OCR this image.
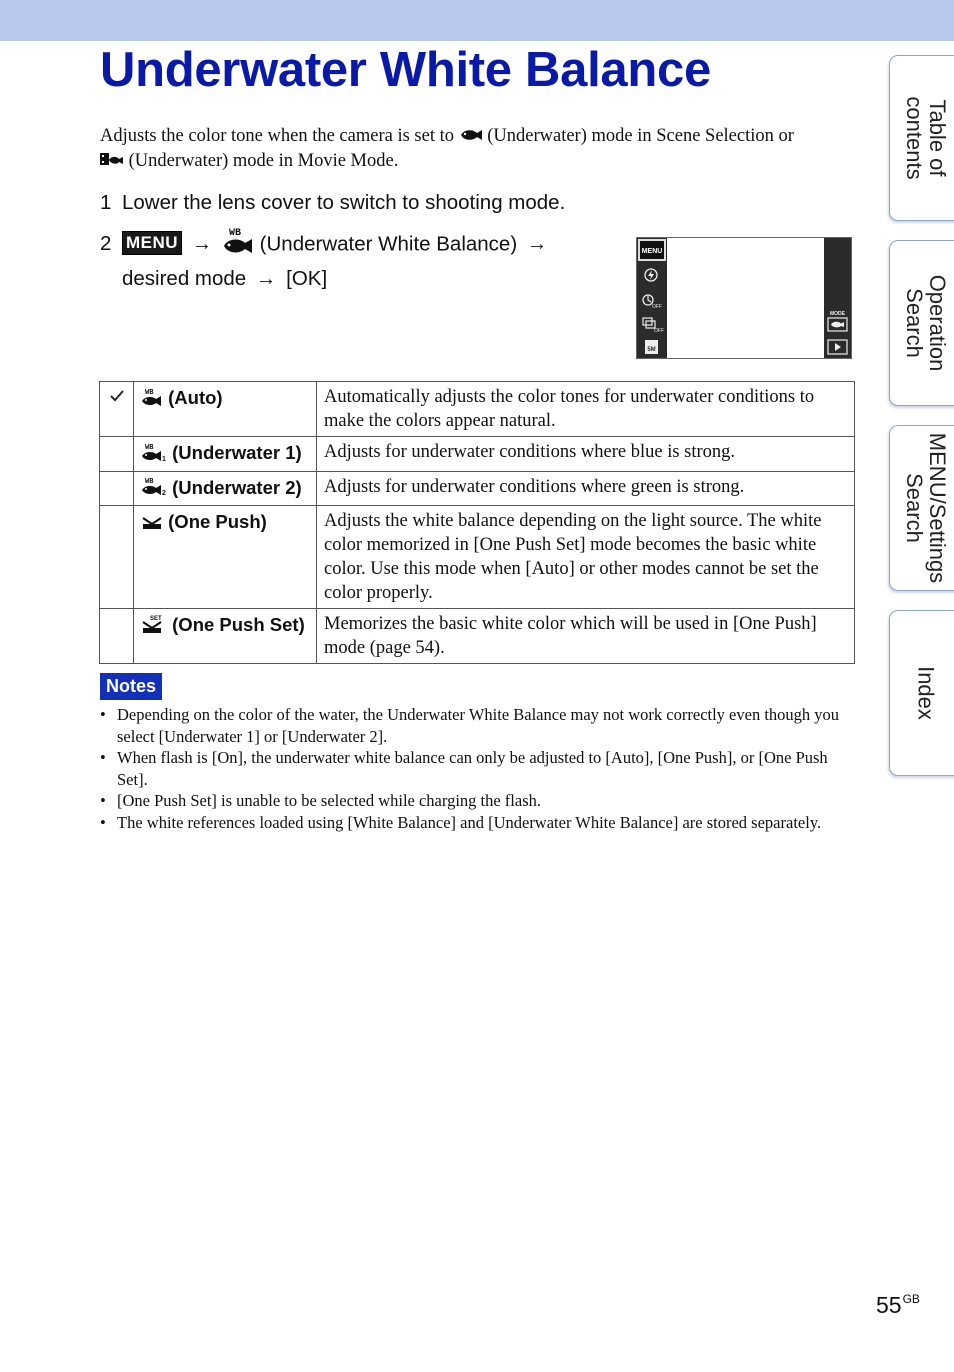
Underwater White Balance

Adjusts the color tone when the camera is set to (Underwater) mode in Scene Selection or

(Underwater) mode in Movie Mode.

1 Lower the lens cover to switch to shooting mode.
2 MENU → WB (Underwater White Balance) →
desired mode → [OK]
MENU
OFF
OFF
5M
MODE

WB (Auto)	Automatically adjusts the color tones for underwater conditions to make the colors appear natural.

WB
1 (Underwater 1)	Adjusts for underwater conditions where blue is strong.

WB
2 (Underwater 2)	Adjusts for underwater conditions where green is strong.
	(One Push)	Adjusts the white balance depending on the light source. The white color memorized in [One Push Set] mode becomes the basic white color. Use this mode when [Auto] or other modes cannot be set the color properly.

SET (One Push Set)	Memorizes the basic white color which will be used in [One Push] mode (page 54).
Notes
• Depending on the color of the water, the Underwater White Balance may not work correctly even though you select [Underwater 1] or [Underwater 2].
• When flash is [On], the underwater white balance can only be adjusted to [Auto], [One Push], or [One Push Set].
• [One Push Set] is unable to be selected while charging the flash.
• The white references loaded using [White Balance] and [Underwater White Balance] are stored separately.
Table of
contents
Operation
Search
MENU/Settings
Search
Index
$55^{GB}$
